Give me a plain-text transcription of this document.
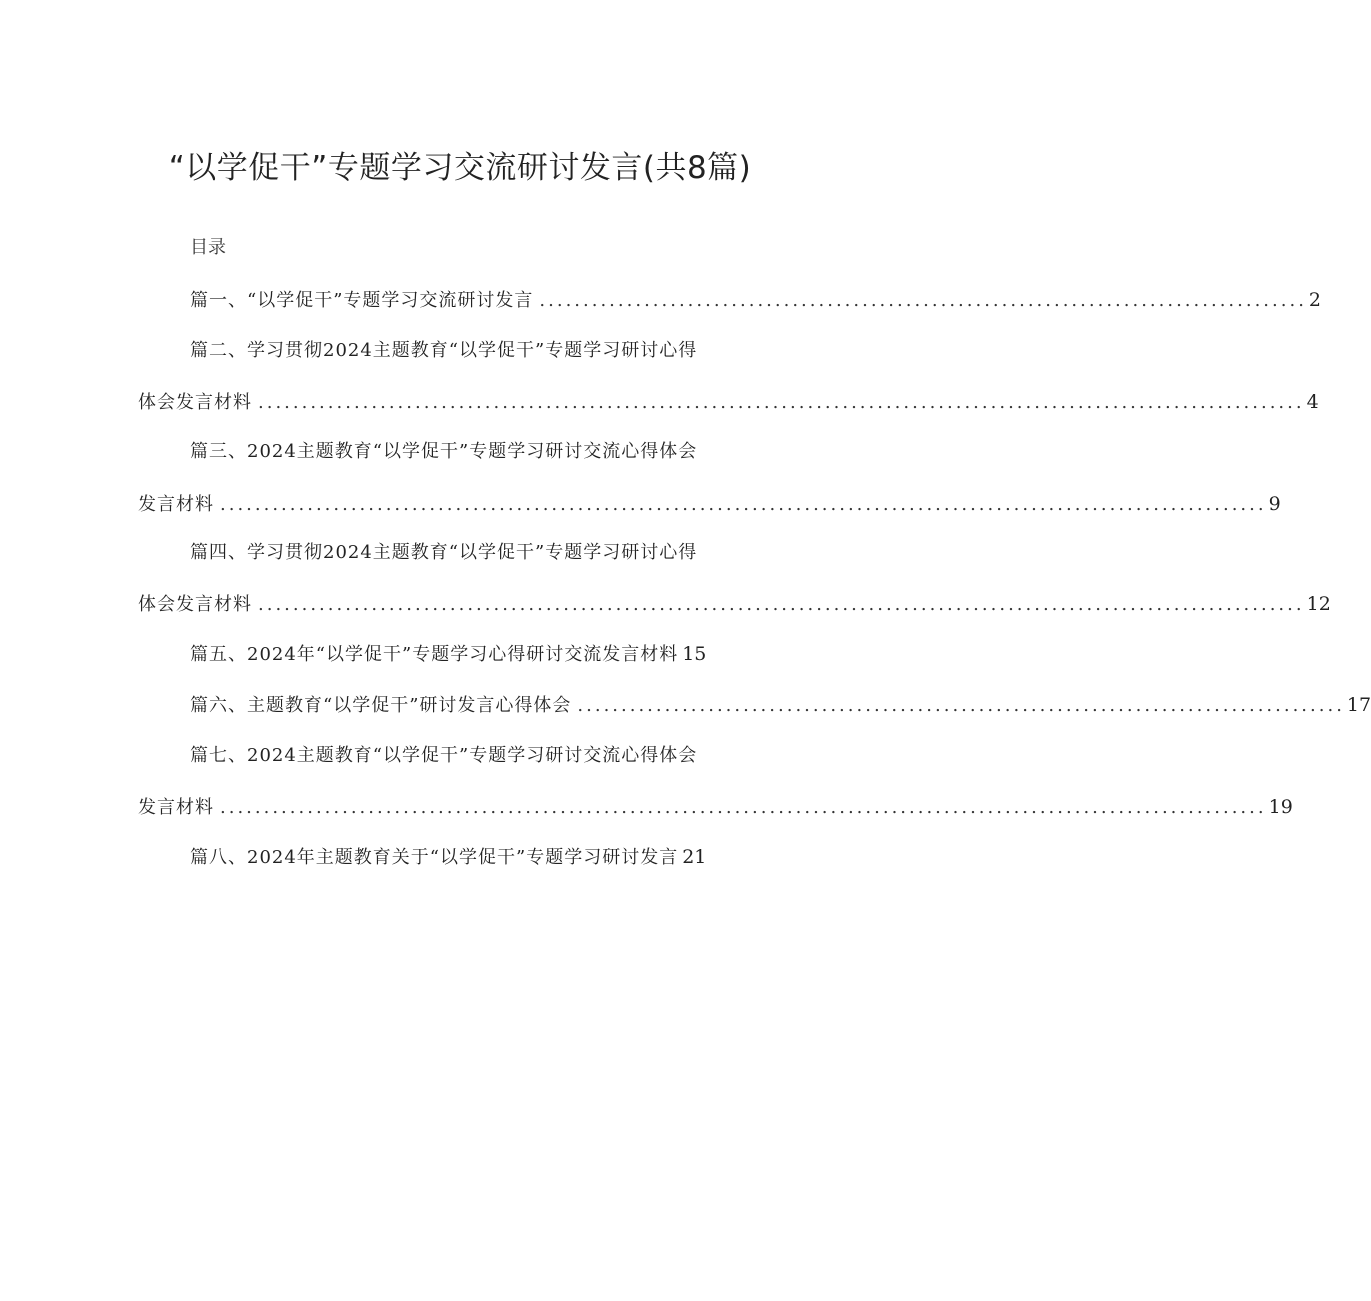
“以学促干”专题学习交流研讨发言(共8篇)
目录
篇一、“以学促干”专题学习交流研讨发言 ........................................................................................ 2
篇二、学习贯彻2024主题教育“以学促干”专题学习研讨心得
体会发言材料 ........................................................................................................................ 4
篇三、2024主题教育“以学促干”专题学习研讨交流心得体会
发言材料 ........................................................................................................................ 9
篇四、学习贯彻2024主题教育“以学促干”专题学习研讨心得
体会发言材料 ........................................................................................................................ 12
篇五、2024年“以学促干”专题学习心得研讨交流发言材料 15
篇六、主题教育“以学促干”研讨发言心得体会 ........................................................................................ 17
篇七、2024主题教育“以学促干”专题学习研讨交流心得体会
发言材料 ........................................................................................................................ 19
篇八、2024年主题教育关于“以学促干”专题学习研讨发言 21
